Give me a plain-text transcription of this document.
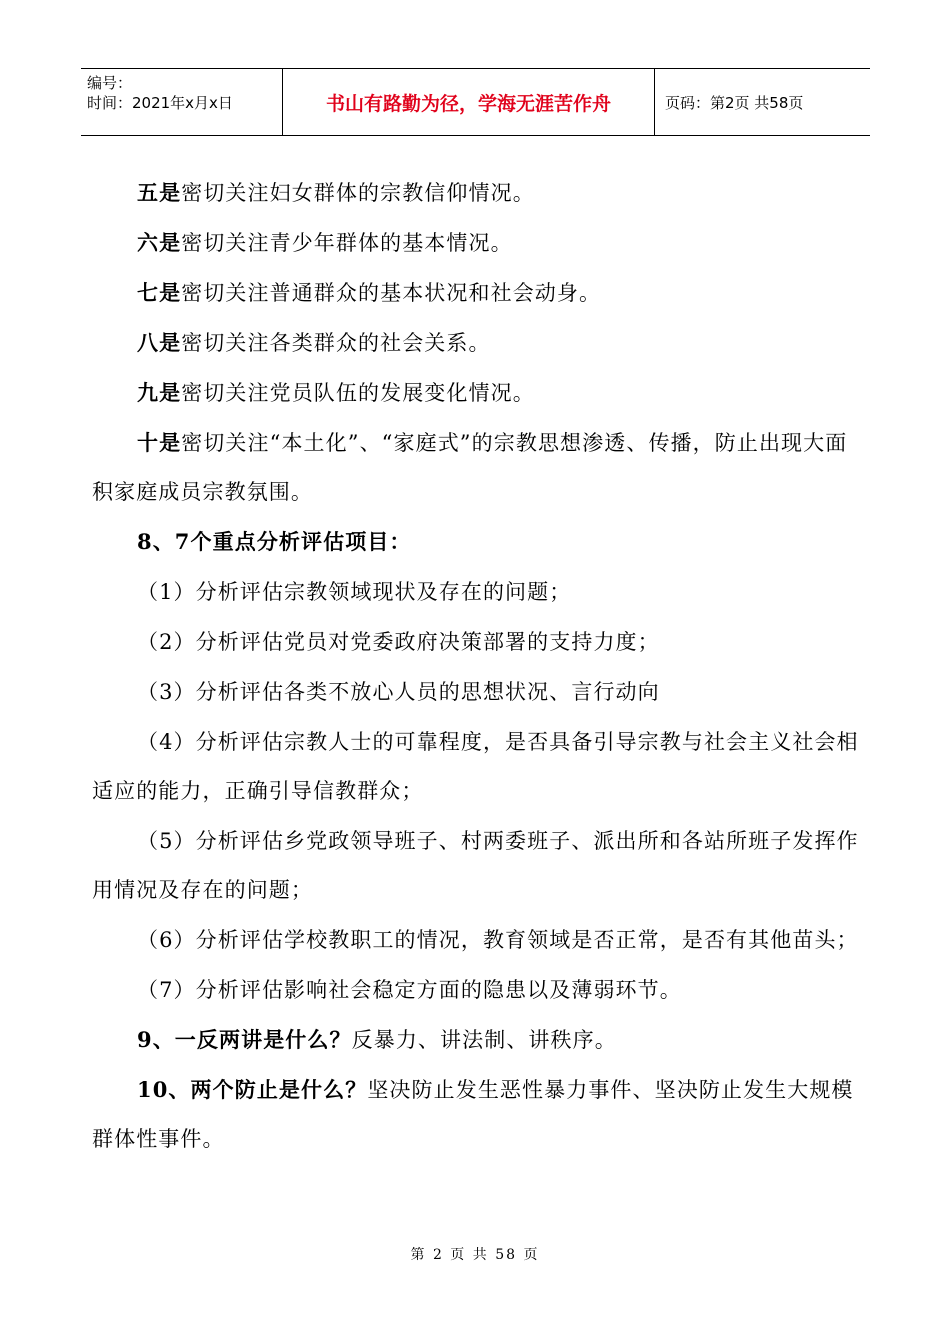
编号：
时间：2021年x月x日	书山有路勤为径，学海无涯苦作舟	页码：第2页 共58页

五是密切关注妇女群体的宗教信仰情况。

六是密切关注青少年群体的基本情况。

七是密切关注普通群众的基本状况和社会动身。

八是密切关注各类群众的社会关系。

九是密切关注党员队伍的发展变化情况。

十是密切关注“本土化”、“家庭式”的宗教思想渗透、传播，防止出现大面积家庭成员宗教氛围。

8、7个重点分析评估项目：

（1）分析评估宗教领域现状及存在的问题；

（2）分析评估党员对党委政府决策部署的支持力度；

（3）分析评估各类不放心人员的思想状况、言行动向

（4）分析评估宗教人士的可靠程度，是否具备引导宗教与社会主义社会相适应的能力，正确引导信教群众；

（5）分析评估乡党政领导班子、村两委班子、派出所和各站所班子发挥作用情况及存在的问题；

（6）分析评估学校教职工的情况，教育领域是否正常，是否有其他苗头；

（7）分析评估影响社会稳定方面的隐患以及薄弱环节。

9、一反两讲是什么？反暴力、讲法制、讲秩序。

10、两个防止是什么？坚决防止发生恶性暴力事件、坚决防止发生大规模群体性事件。

第 2 页 共 58 页
